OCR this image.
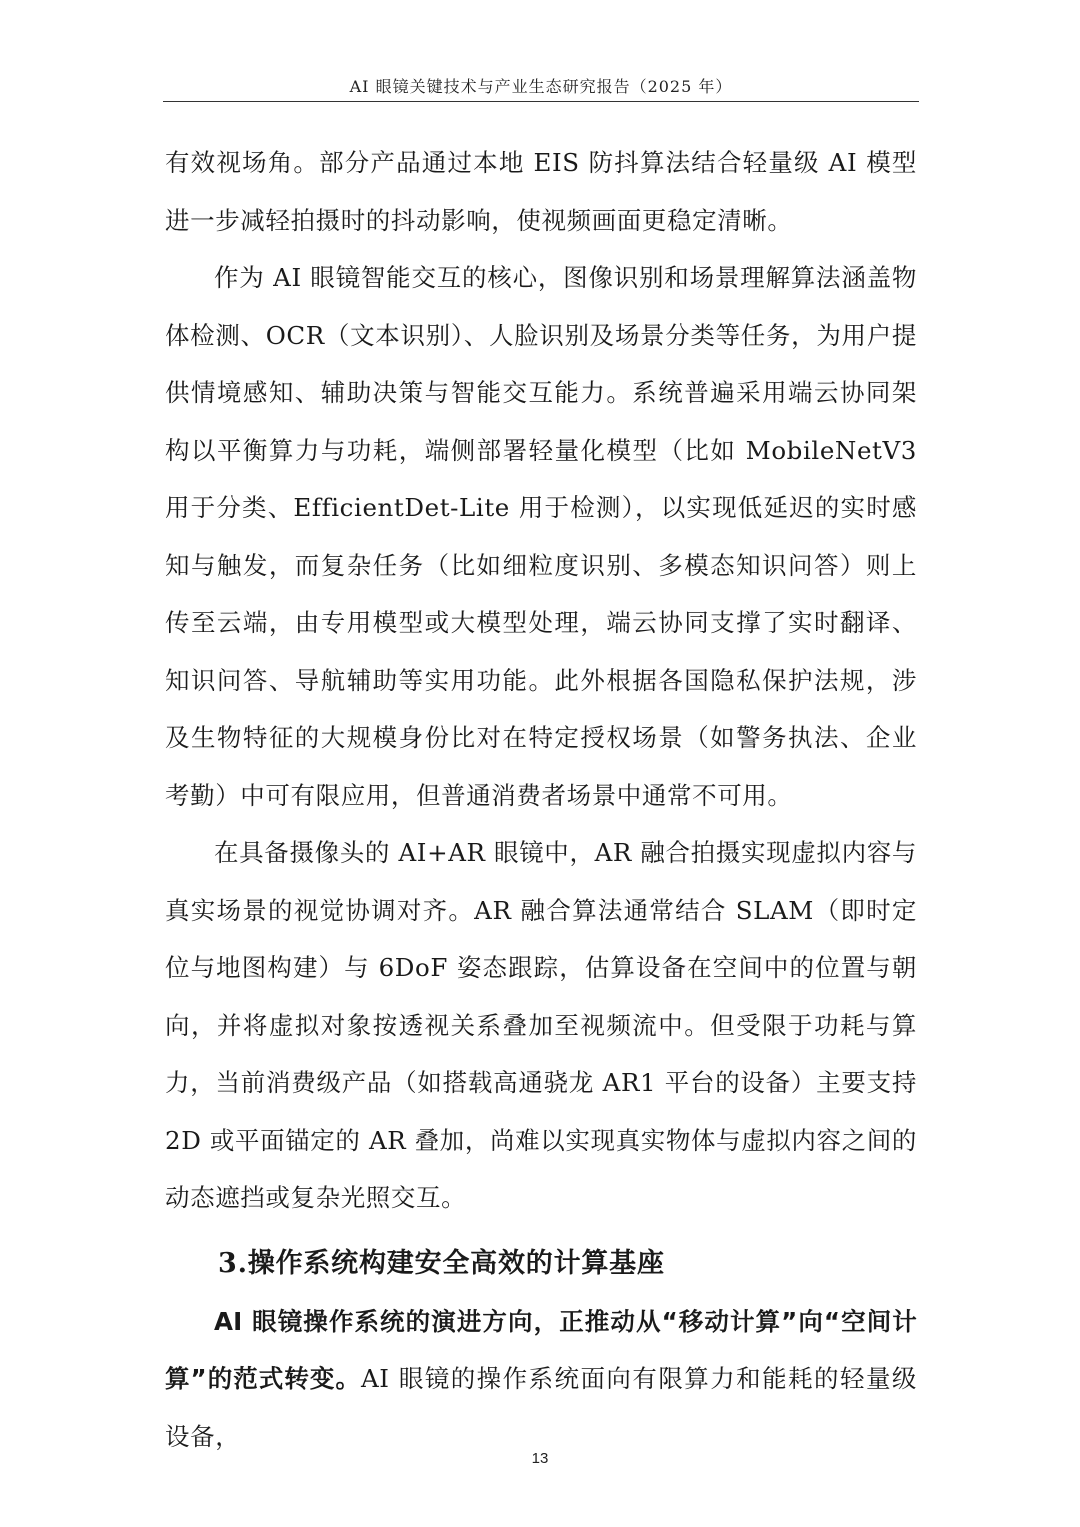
AI 眼镜关键技术与产业生态研究报告（2025 年）

有效视场角。部分产品通过本地 EIS 防抖算法结合轻量级 AI 模型进一步减轻拍摄时的抖动影响，使视频画面更稳定清晰。

作为 AI 眼镜智能交互的核心，图像识别和场景理解算法涵盖物体检测、OCR（文本识别）、人脸识别及场景分类等任务，为用户提供情境感知、辅助决策与智能交互能力。系统普遍采用端云协同架构以平衡算力与功耗，端侧部署轻量化模型（比如 MobileNetV3 用于分类、EfficientDet-Lite 用于检测），以实现低延迟的实时感知与触发，而复杂任务（比如细粒度识别、多模态知识问答）则上传至云端，由专用模型或大模型处理，端云协同支撑了实时翻译、知识问答、导航辅助等实用功能。此外根据各国隐私保护法规，涉及生物特征的大规模身份比对在特定授权场景（如警务执法、企业考勤）中可有限应用，但普通消费者场景中通常不可用。

在具备摄像头的 AI+AR 眼镜中，AR 融合拍摄实现虚拟内容与真实场景的视觉协调对齐。AR 融合算法通常结合 SLAM（即时定位与地图构建）与 6DoF 姿态跟踪，估算设备在空间中的位置与朝向，并将虚拟对象按透视关系叠加至视频流中。但受限于功耗与算力，当前消费级产品（如搭载高通骁龙 AR1 平台的设备）主要支持 2D 或平面锚定的 AR 叠加，尚难以实现真实物体与虚拟内容之间的动态遮挡或复杂光照交互。

3.操作系统构建安全高效的计算基座

AI 眼镜操作系统的演进方向，正推动从“移动计算”向“空间计算”的范式转变。AI 眼镜的操作系统面向有限算力和能耗的轻量级设备，

13
